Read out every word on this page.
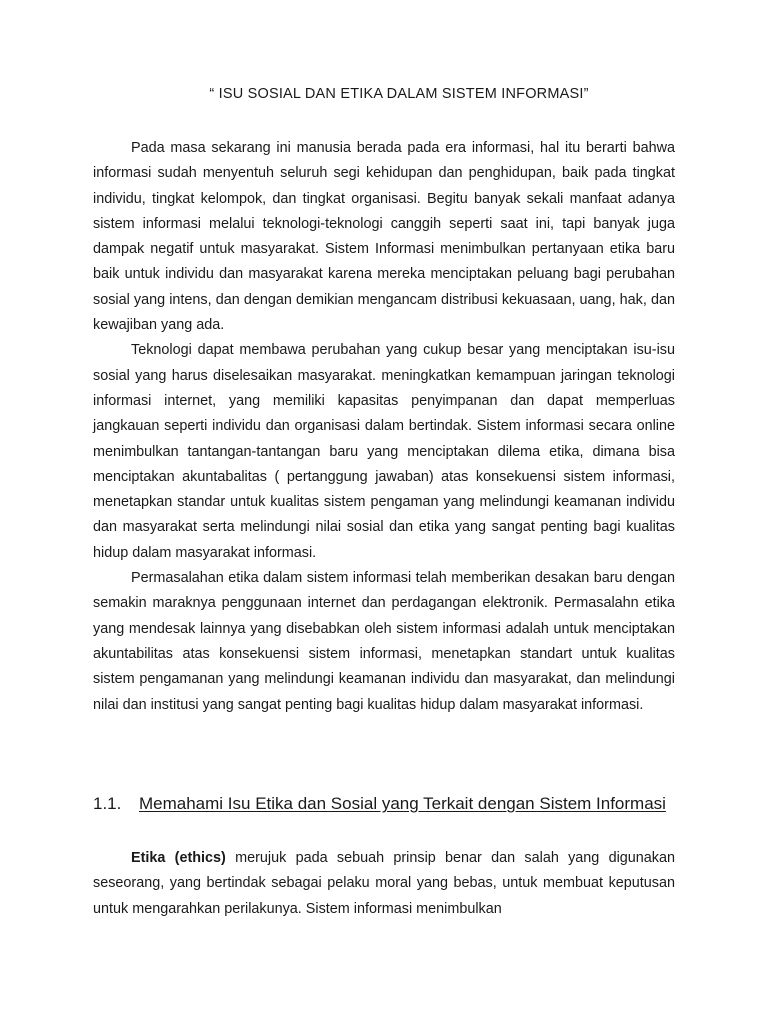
“ ISU SOSIAL DAN ETIKA DALAM SISTEM INFORMASI”

Pada masa sekarang ini manusia berada pada era informasi, hal itu berarti bahwa informasi sudah menyentuh seluruh segi kehidupan dan penghidupan, baik pada tingkat individu, tingkat kelompok, dan tingkat organisasi. Begitu banyak sekali manfaat adanya sistem informasi melalui teknologi-teknologi canggih seperti saat ini, tapi banyak juga dampak negatif untuk masyarakat. Sistem Informasi menimbulkan pertanyaan etika baru baik untuk individu dan masyarakat karena mereka menciptakan peluang bagi perubahan sosial yang intens, dan dengan demikian mengancam distribusi kekuasaan, uang, hak, dan kewajiban yang ada.

Teknologi dapat membawa perubahan yang cukup besar yang menciptakan isu-isu sosial yang harus diselesaikan masyarakat. meningkatkan kemampuan jaringan teknologi informasi internet, yang memiliki kapasitas penyimpanan dan dapat memperluas jangkauan seperti individu dan organisasi dalam bertindak. Sistem informasi secara online menimbulkan tantangan-tantangan baru yang menciptakan dilema etika, dimana bisa menciptakan akuntabalitas ( pertanggung jawaban) atas konsekuensi sistem informasi, menetapkan standar untuk kualitas sistem pengaman yang melindungi keamanan individu dan masyarakat serta melindungi nilai sosial dan etika yang sangat penting bagi kualitas hidup dalam masyarakat informasi.

Permasalahan etika dalam sistem informasi telah memberikan desakan baru dengan semakin maraknya penggunaan internet dan perdagangan elektronik. Permasalahn etika yang mendesak lainnya yang disebabkan oleh sistem informasi adalah untuk menciptakan akuntabilitas atas konsekuensi sistem informasi, menetapkan standart untuk kualitas sistem pengamanan yang melindungi keamanan individu dan masyarakat, dan melindungi nilai dan institusi yang sangat penting bagi kualitas hidup dalam masyarakat informasi.

1.1. Memahami Isu Etika dan Sosial yang Terkait dengan Sistem Informasi

Etika (ethics) merujuk pada sebuah prinsip benar dan salah yang digunakan seseorang, yang bertindak sebagai pelaku moral yang bebas, untuk membuat keputusan untuk mengarahkan perilakunya. Sistem informasi menimbulkan
